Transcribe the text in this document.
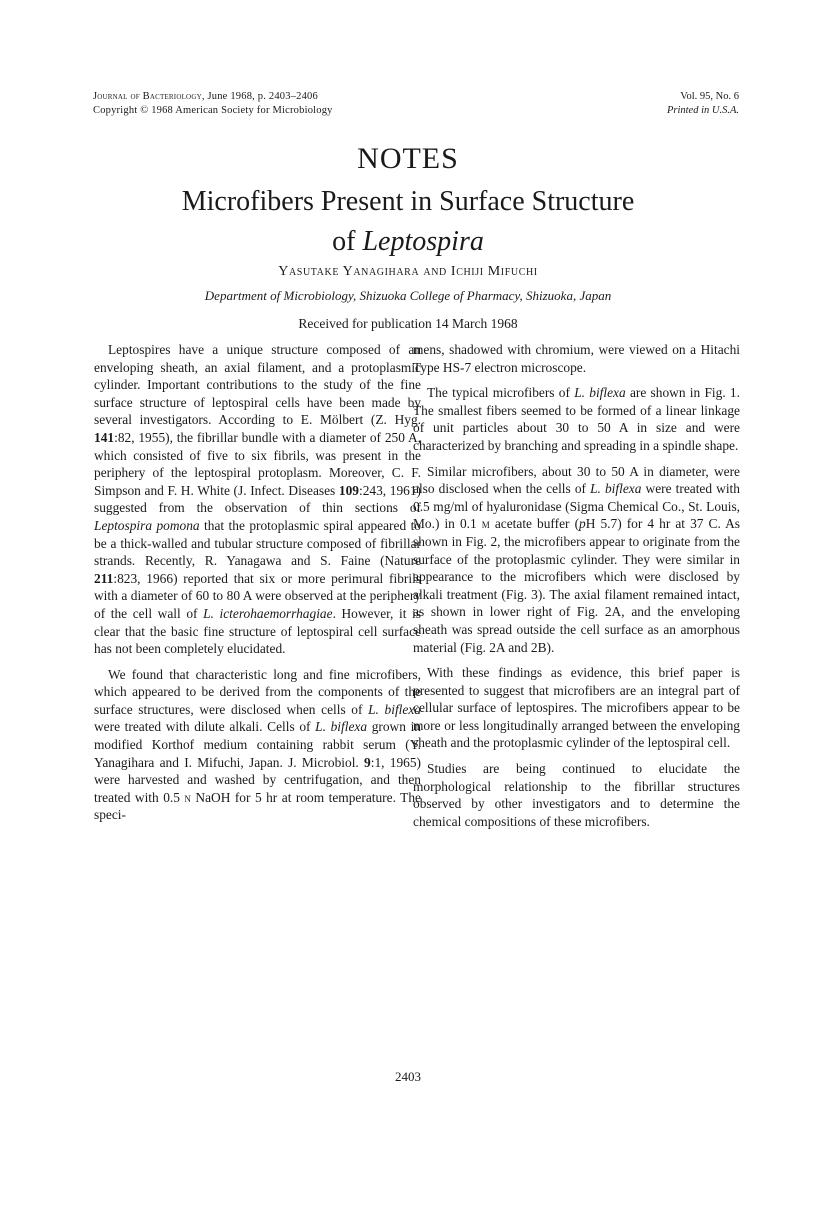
Journal of Bacteriology, June 1968, p. 2403–2406
Copyright © 1968 American Society for Microbiology
Vol. 95, No. 6
Printed in U.S.A.
NOTES
Microfibers Present in Surface Structure
of Leptospira
Yasutake Yanagihara and Ichiji Mifuchi
Department of Microbiology, Shizuoka College of Pharmacy, Shizuoka, Japan
Received for publication 14 March 1968

Leptospires have a unique structure composed of an enveloping sheath, an axial filament, and a protoplasmic cylinder. Important contributions to the study of the fine surface structure of leptospiral cells have been made by several investigators. According to E. Mölbert (Z. Hyg. 141:82, 1955), the fibrillar bundle with a diameter of 250 A, which consisted of five to six fibrils, was present in the periphery of the leptospiral protoplasm. Moreover, C. F. Simpson and F. H. White (J. Infect. Diseases 109:243, 1961) suggested from the observation of thin sections of Leptospira pomona that the protoplasmic spiral appeared to be a thick-walled and tubular structure composed of fibrillar strands. Recently, R. Yanagawa and S. Faine (Nature 211:823, 1966) reported that six or more perimural fibrils with a diameter of 60 to 80 A were observed at the periphery of the cell wall of L. icterohaemorrhagiae. However, it is clear that the basic fine structure of leptospiral cell surface has not been completely elucidated.

We found that characteristic long and fine microfibers, which appeared to be derived from the components of the surface structures, were disclosed when cells of L. biflexa were treated with dilute alkali. Cells of L. biflexa grown in modified Korthof medium containing rabbit serum (Y. Yanagihara and I. Mifuchi, Japan. J. Microbiol. 9:1, 1965) were harvested and washed by centrifugation, and then treated with 0.5 n NaOH for 5 hr at room temperature. The speci-

mens, shadowed with chromium, were viewed on a Hitachi Type HS-7 electron microscope.

The typical microfibers of L. biflexa are shown in Fig. 1. The smallest fibers seemed to be formed of a linear linkage of unit particles about 30 to 50 A in size and were characterized by branching and spreading in a spindle shape.

Similar microfibers, about 30 to 50 A in diameter, were also disclosed when the cells of L. biflexa were treated with 0.5 mg/ml of hyaluronidase (Sigma Chemical Co., St. Louis, Mo.) in 0.1 m acetate buffer (pH 5.7) for 4 hr at 37 C. As shown in Fig. 2, the microfibers appear to originate from the surface of the protoplasmic cylinder. They were similar in appearance to the microfibers which were disclosed by alkali treatment (Fig. 3). The axial filament remained intact, as shown in lower right of Fig. 2A, and the enveloping sheath was spread outside the cell surface as an amorphous material (Fig. 2A and 2B).

With these findings as evidence, this brief paper is presented to suggest that microfibers are an integral part of cellular surface of leptospires. The microfibers appear to be more or less longitudinally arranged between the enveloping sheath and the protoplasmic cylinder of the leptospiral cell.

Studies are being continued to elucidate the morphological relationship to the fibrillar structures observed by other investigators and to determine the chemical compositions of these microfibers.

2403
